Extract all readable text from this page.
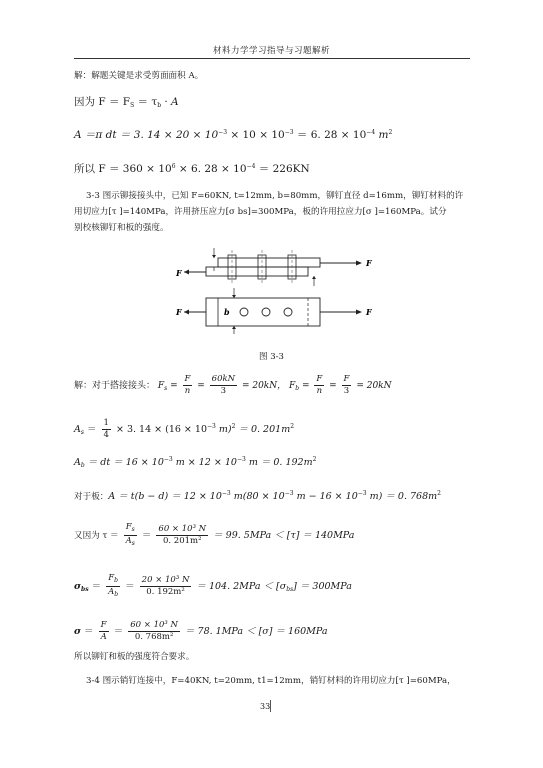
材料力学学习指导与习题解析
解：解题关键是求受剪面面积 A。
因为 $F = F_S = \tau_b \cdot A$
A ＝π dt ＝ 3. $14 \times 20 \times 10^{-3} \times 10 \times 10^{-3} = 6$. $28 \times 10^{-4}$ $m^2$
所以 $F = 360 \times 10^6 \times 6$. $28 \times 10^{-4} = 226KN$
3-3 图示铆接接头中，已知 F=60KN, t=12mm, b=80mm，铆钉直径 d=16mm，铆钉材料的许
用切应力[τ ]=140MPa，许用挤压应力[σ bs]=300MPa，板的许用拉应力[σ ]=160MPa。试分
别校核铆钉和板的强度。
F
F
b
F	F
图 3-3
解：对于搭接接头： $F_s = \frac{F}{n} = \frac{60kN}{3} = 20kN$， $F_b = \frac{F}{n} = \frac{F}{3} = 20kN$
$A_s = \frac{1}{4} \times 3$. $14 \times (16 \times 10^{-3}$ m)$^2$ ＝ 0. $201m^2$
$A_b$ ＝ dt ＝ $16 \times 10^{-3}$ $m \times 12 \times 10^{-3}$ m ＝ 0. $192m^2$
对于板：$A = t(b - d) = 12 \times 10^{-3}$ $m(80 \times 10^{-3}$ $m - 16 \times 10^{-3}$ m) ＝ 0. $768m^2$
又因为 $\tau = \frac{F_s}{A_s} = \frac{\text{60 × 10³ N}}{\text{0. 201m²}} = 99$. 5MPa ＜ [τ] ＝ 140MPa
$\sigma_{bs} = \frac{F_b}{A_b} = \frac{\text{20 × 10³ N}}{\text{0. 192m²}} = 104$. $2MPa < [\sigma_{bs}] = 300MPa$
$\sigma = \frac{F}{A} = \frac{\text{60 × 10³ N}}{\text{0. 768m²}} = 78$. 1MPa ＜ [σ] ＝ 160MPa
所以铆钉和板的强度符合要求。
3-4 图示销钉连接中，F=40KN, t=20mm, t1=12mm，销钉材料的许用切应力[τ ]=60MPa，
33
